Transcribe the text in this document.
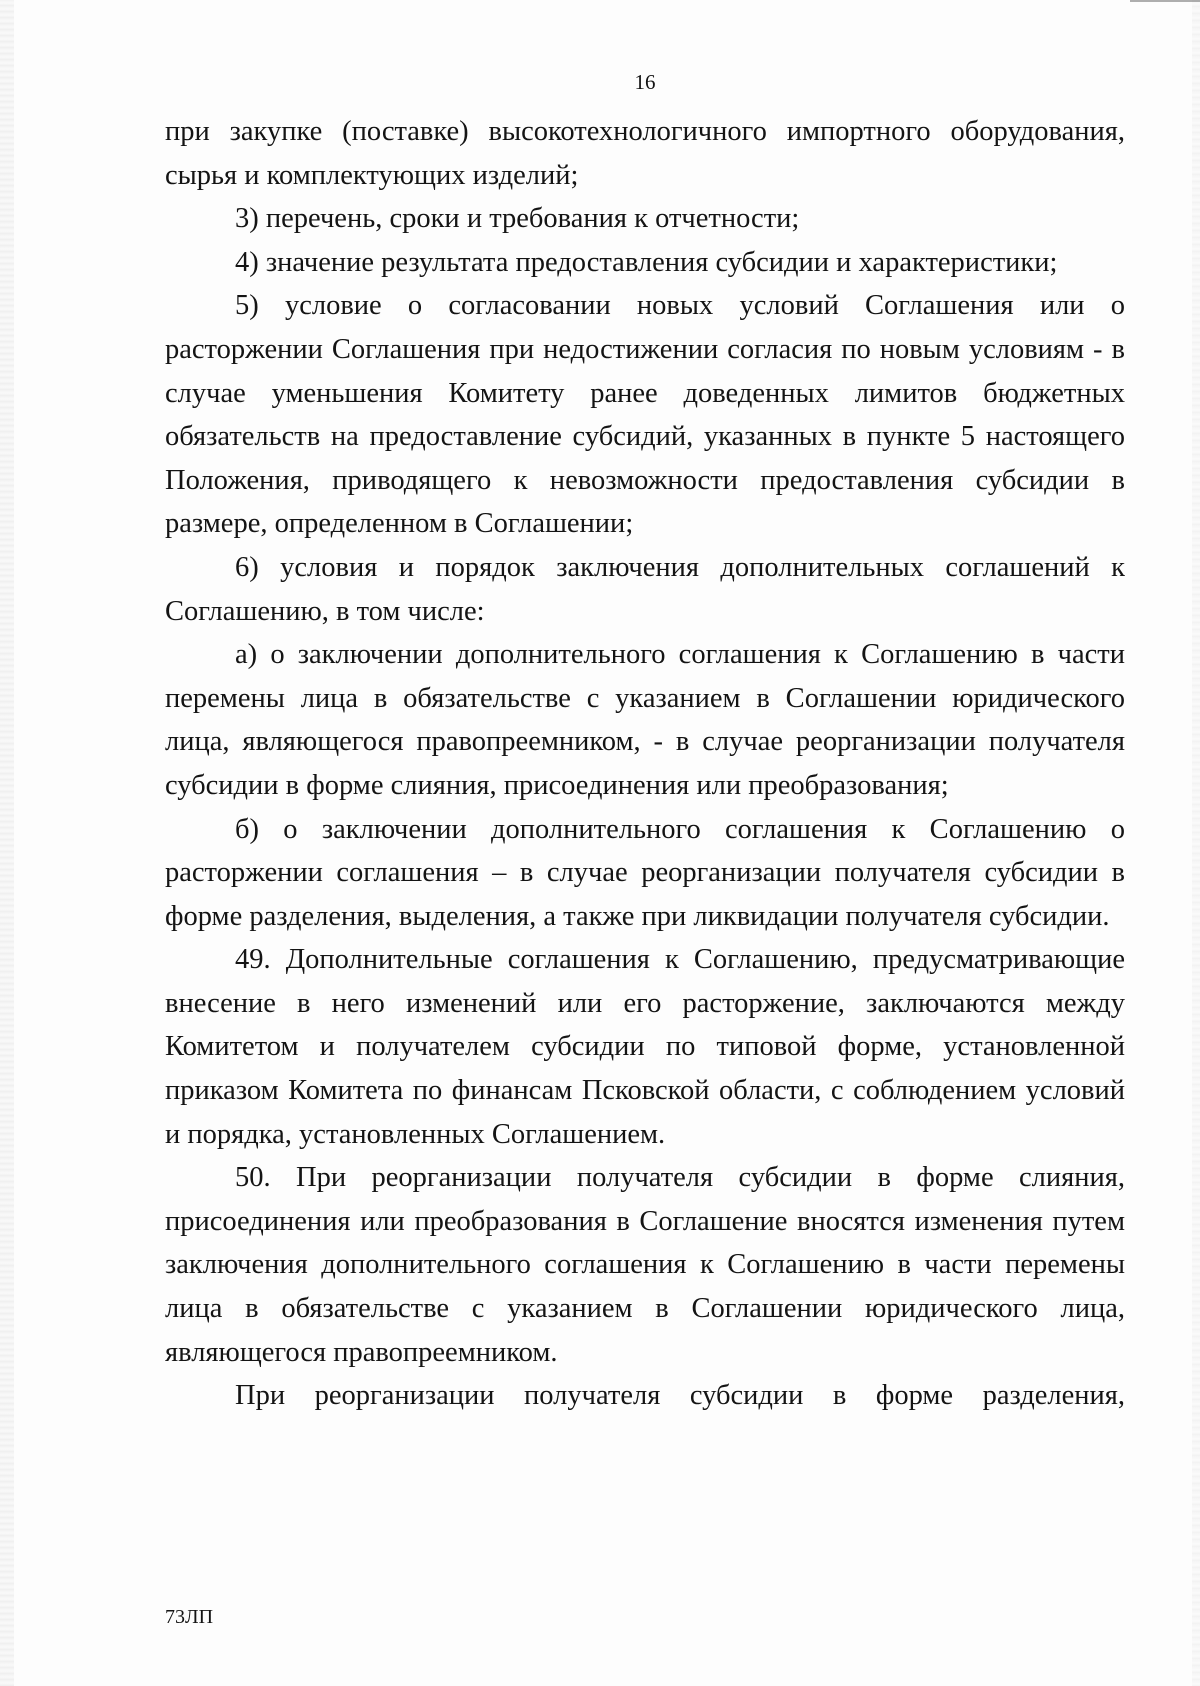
16

при закупке (поставке) высокотехнологичного импортного оборудования, сырья и комплектующих изделий;

3) перечень, сроки и требования к отчетности;

4) значение результата предоставления субсидии и характеристики;

5) условие о согласовании новых условий Соглашения или о расторжении Соглашения при недостижении согласия по новым условиям - в случае уменьшения Комитету ранее доведенных лимитов бюджетных обязательств на предоставление субсидий, указанных в пункте 5 настоящего Положения, приводящего к невозможности предоставления субсидии в размере, определенном в Соглашении;

6) условия и порядок заключения дополнительных соглашений к Соглашению, в том числе:

а) о заключении дополнительного соглашения к Соглашению в части перемены лица в обязательстве с указанием в Соглашении юридического лица, являющегося правопреемником, - в случае реорганизации получателя субсидии в форме слияния, присоединения или преобразования;

б) о заключении дополнительного соглашения к Соглашению о расторжении соглашения – в случае реорганизации получателя субсидии в форме разделения, выделения, а также при ликвидации получателя субсидии.

49. Дополнительные соглашения к Соглашению, предусматривающие внесение в него изменений или его расторжение, заключаются между Комитетом и получателем субсидии по типовой форме, установленной приказом Комитета по финансам Псковской области, с соблюдением условий и порядка, установленных Соглашением.

50. При реорганизации получателя субсидии в форме слияния, присоединения или преобразования в Соглашение вносятся изменения путем заключения дополнительного соглашения к Соглашению в части перемены лица в обязательстве с указанием в Соглашении юридического лица, являющегося правопреемником.

При реорганизации получателя субсидии в форме разделения,

73ЛП
